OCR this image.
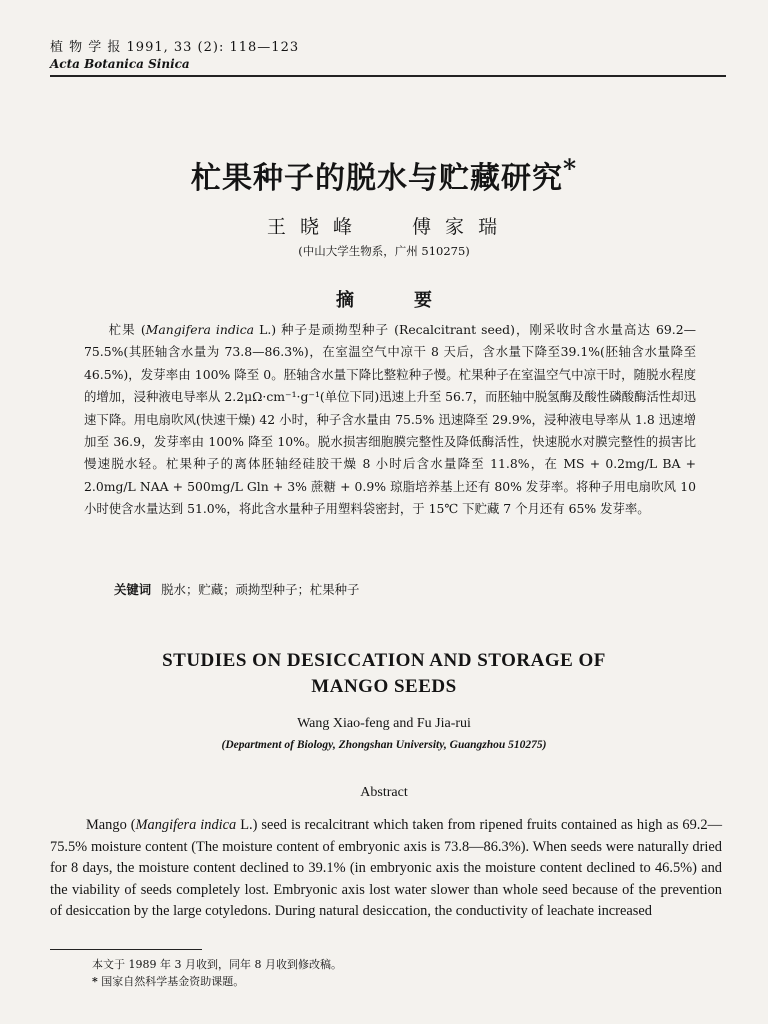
植 物 学 报 1991, 33 (2): 118—123
Acta Botanica Sinica
杧果种子的脱水与贮藏研究*
王 晓 峰	傅 家 瑞
(中山大学生物系，广州 510275)
摘要

杧果 (Mangifera indica L.) 种子是顽拗型种子 (Recalcitrant seed)，刚采收时含水量高达 69.2—75.5%(其胚轴含水量为 73.8—86.3%)，在室温空气中凉干 8 天后，含水量下降至39.1%(胚轴含水量降至 46.5%)，发芽率由 100% 降至 0。胚轴含水量下降比整粒种子慢。杧果种子在室温空气中凉干时，随脱水程度的增加，浸种液电导率从 2.2μΩ·cm⁻¹·g⁻¹(单位下同)迅速上升至 56.7，而胚轴中脱氢酶及酸性磷酸酶活性却迅速下降。用电扇吹风(快速干燥) 42 小时，种子含水量由 75.5% 迅速降至 29.9%，浸种液电导率从 1.8 迅速增加至 36.9，发芽率由 100% 降至 10%。脱水损害细胞膜完整性及降低酶活性，快速脱水对膜完整性的损害比慢速脱水轻。杧果种子的离体胚轴经硅胶干燥 8 小时后含水量降至 11.8%，在 MS + 0.2mg/L BA + 2.0mg/L NAA + 500mg/L Gln + 3% 蔗糖 + 0.9% 琼脂培养基上还有 80% 发芽率。将种子用电扇吹风 10 小时使含水量达到 51.0%，将此含水量种子用塑料袋密封，于 15℃ 下贮藏 7 个月还有 65% 发芽率。

关键词 脱水；贮藏；顽拗型种子；杧果种子
STUDIES ON DESICCATION AND STORAGE OF
MANGO SEEDS
Wang Xiao-feng and Fu Jia-rui
(Department of Biology, Zhongshan University, Guangzhou 510275)
Abstract

Mango (Mangifera indica L.) seed is recalcitrant which taken from ripened fruits contained as high as 69.2—75.5% moisture content (The moisture content of embryonic axis is 73.8—86.3%). When seeds were naturally dried for 8 days, the moisture content declined to 39.1% (in embryonic axis the moisture content declined to 46.5%) and the viability of seeds completely lost. Embryonic axis lost water slower than whole seed because of the prevention of desiccation by the large cotyledons. During natural desiccation, the conductivity of leachate increased

本文于 1989 年 3 月收到，同年 8 月收到修改稿。
* 国家自然科学基金资助课题。
